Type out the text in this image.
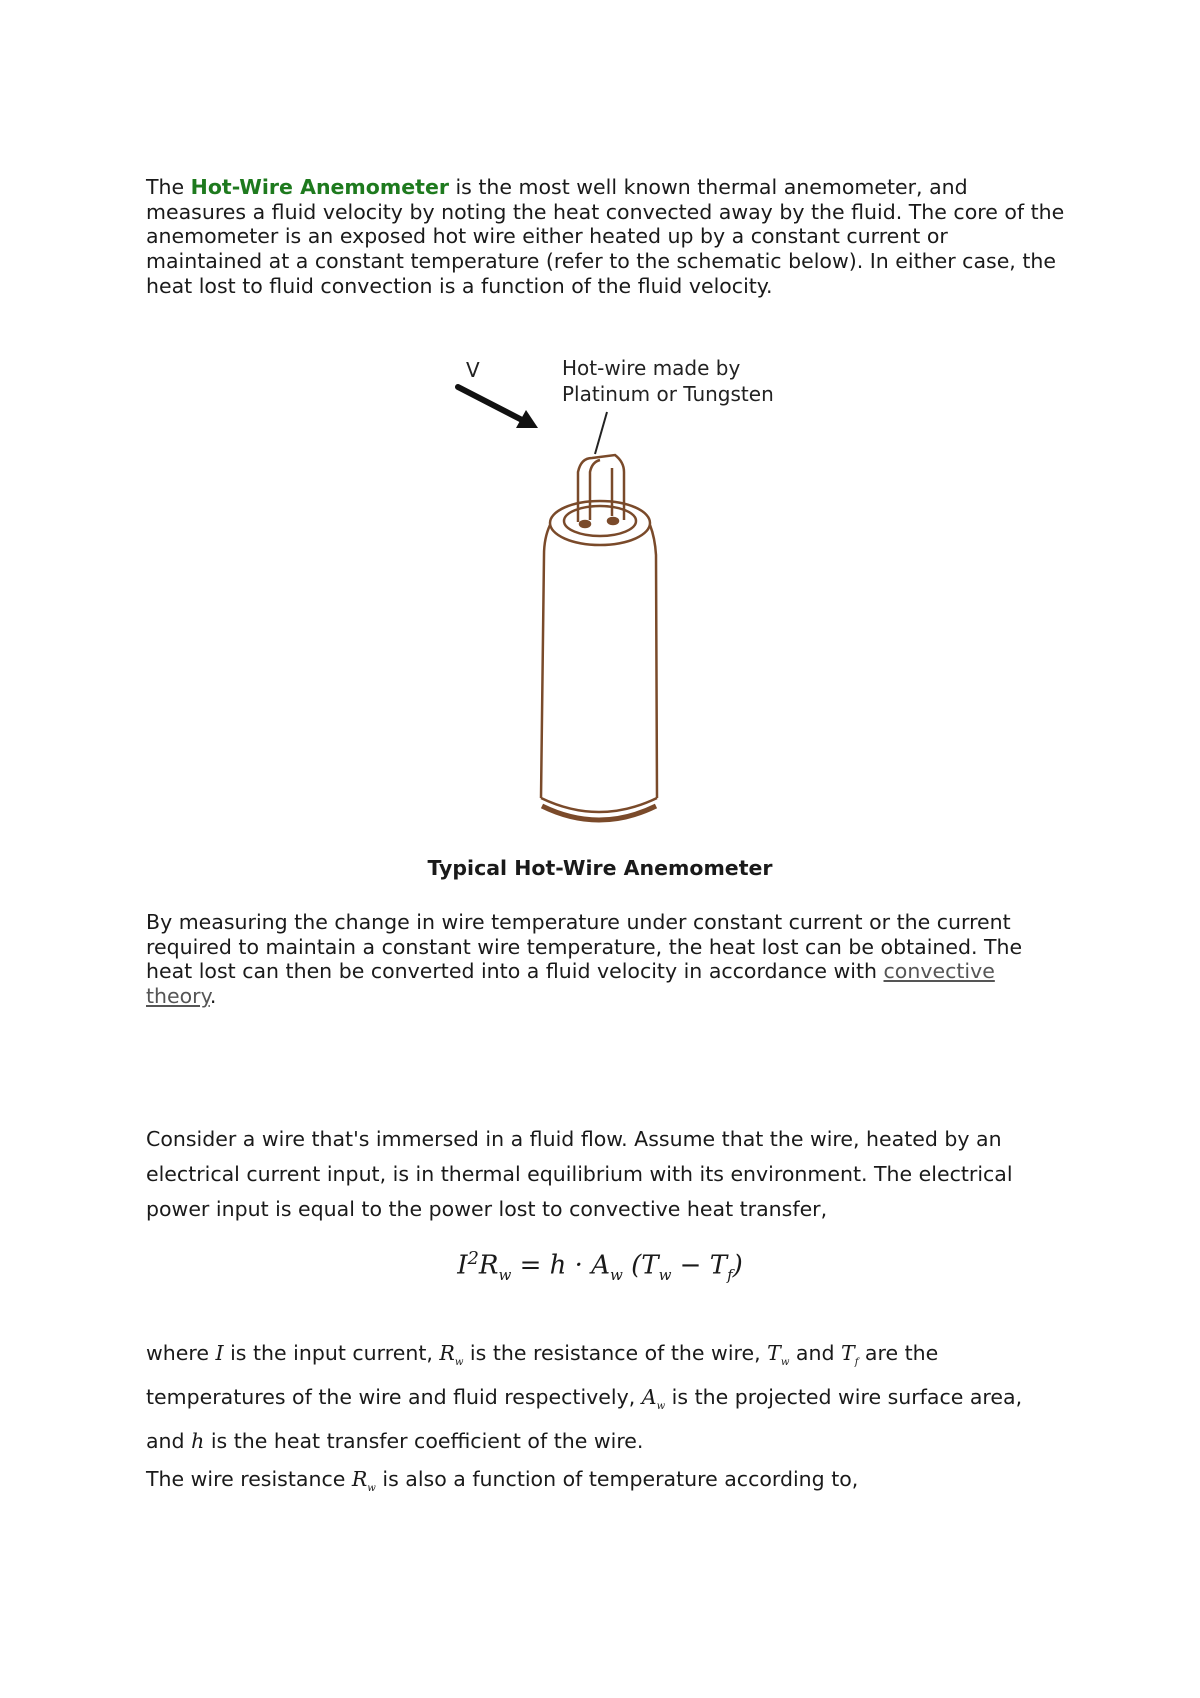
The Hot-Wire Anemometer is the most well known thermal anemometer, and measures a fluid velocity by noting the heat convected away by the fluid. The core of the anemometer is an exposed hot wire either heated up by a constant current or maintained at a constant temperature (refer to the schematic below). In either case, the heat lost to fluid convection is a function of the fluid velocity.

V	Hot-wire made by
Platinum or Tungsten

Typical Hot-Wire Anemometer

By measuring the change in wire temperature under constant current or the current required to maintain a constant wire temperature, the heat lost can be obtained. The heat lost can then be converted into a fluid velocity in accordance with convective theory.

Consider a wire that's immersed in a fluid flow. Assume that the wire, heated by an electrical current input, is in thermal equilibrium with its environment. The electrical power input is equal to the power lost to convective heat transfer,

$I^2R_w = h \cdot A_w$ $(T_w - T_f)$

where I is the input current, $R_w$ is the resistance of the wire, $T_w$ and $T_f$ are the temperatures of the wire and fluid respectively, $A_w$ is the projected wire surface area, and h is the heat transfer coefficient of the wire.

The wire resistance $R_w$ is also a function of temperature according to,
